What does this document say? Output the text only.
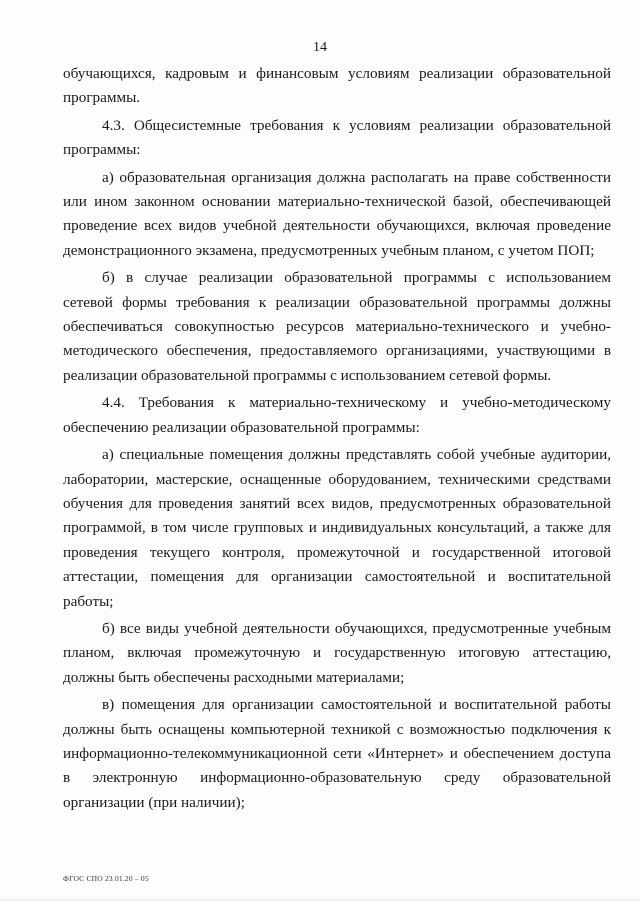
14

обучающихся, кадровым и финансовым условиям реализации образовательной программы.

4.3. Общесистемные требования к условиям реализации образовательной программы:

а) образовательная организация должна располагать на праве собственности или ином законном основании материально-технической базой, обеспечивающей проведение всех видов учебной деятельности обучающихся, включая проведение демонстрационного экзамена, предусмотренных учебным планом, с учетом ПОП;

б) в случае реализации образовательной программы с использованием сетевой формы требования к реализации образовательной программы должны обеспечиваться совокупностью ресурсов материально-технического и учебно-методического обеспечения, предоставляемого организациями, участвующими в реализации образовательной программы с использованием сетевой формы.

4.4. Требования к материально-техническому и учебно-методическому обеспечению реализации образовательной программы:

а) специальные помещения должны представлять собой учебные аудитории, лаборатории, мастерские, оснащенные оборудованием, техническими средствами обучения для проведения занятий всех видов, предусмотренных образовательной программой, в том числе групповых и индивидуальных консультаций, а также для проведения текущего контроля, промежуточной и государственной итоговой аттестации, помещения для организации самостоятельной и воспитательной работы;

б) все виды учебной деятельности обучающихся, предусмотренные учебным планом, включая промежуточную и государственную итоговую аттестацию, должны быть обеспечены расходными материалами;

в) помещения для организации самостоятельной и воспитательной работы должны быть оснащены компьютерной техникой с возможностью подключения к информационно-телекоммуникационной сети «Интернет» и обеспечением доступа в электронную информационно-образовательную среду образовательной организации (при наличии);

ФГОС СПО 23.01.20 – 05
